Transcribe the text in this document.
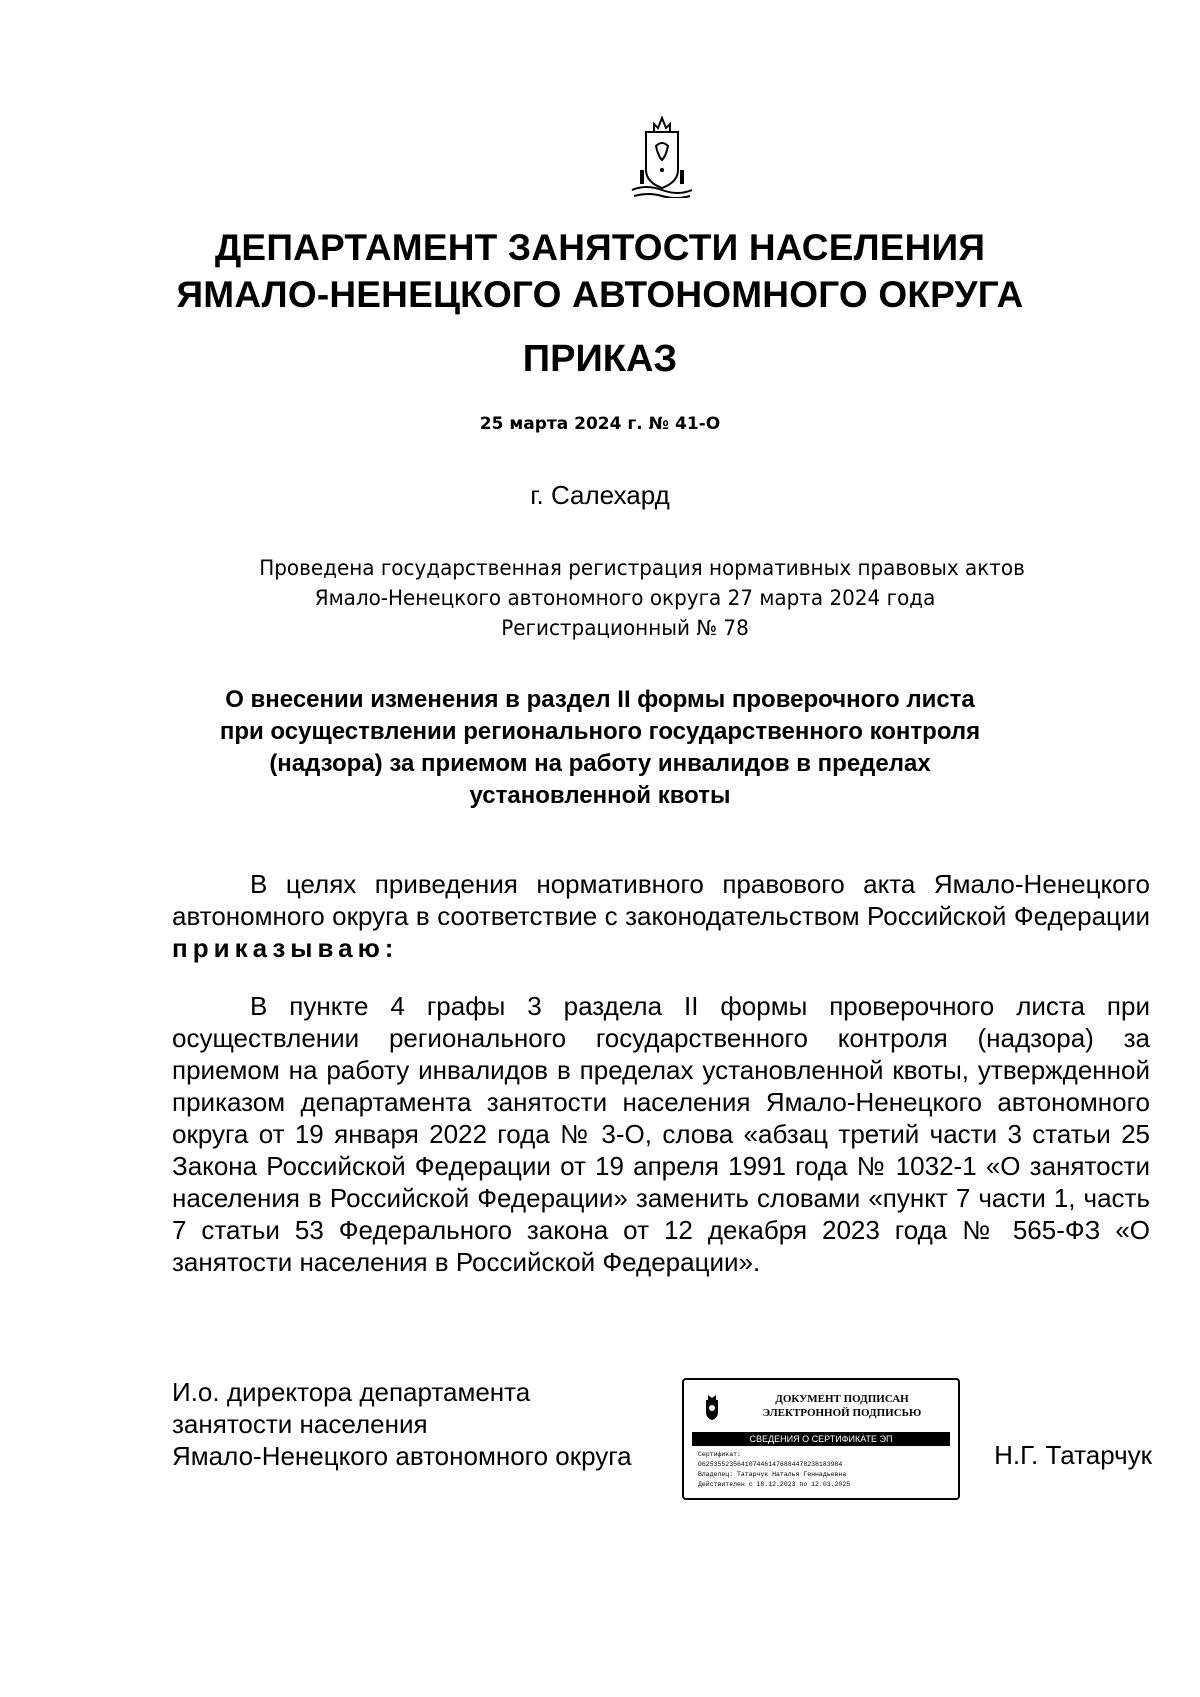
ДЕПАРТАМЕНТ ЗАНЯТОСТИ НАСЕЛЕНИЯ
ЯМАЛО-НЕНЕЦКОГО АВТОНОМНОГО ОКРУГА
ПРИКАЗ
25 марта 2024 г. № 41-О
г. Салехард
Проведена государственная регистрация нормативных правовых актов
Ямало-Ненецкого автономного округа 27 марта 2024 года
Регистрационный № 78
О внесении изменения в раздел II формы проверочного листа
при осуществлении регионального государственного контроля
(надзора) за приемом на работу инвалидов в пределах
установленной квоты

В целях приведения нормативного правового акта Ямало-Ненецкого автономного округа в соответствие с законодательством Российской Федерации приказываю:

В пункте 4 графы 3 раздела II формы проверочного листа при осуществлении регионального государственного контроля (надзора) за приемом на работу инвалидов в пределах установленной квоты, утвержденной приказом департамента занятости населения Ямало-Ненецкого автономного округа от 19 января 2022 года № 3-О, слова «абзац третий части 3 статьи 25 Закона Российской Федерации от 19 апреля 1991 года № 1032-1 «О занятости населения в Российской Федерации» заменить словами «пункт 7 части 1, часть 7 статьи 53 Федерального закона от 12 декабря 2023 года № 565-ФЗ «О занятости населения в Российской Федерации».

И.о. директора департамента
занятости населения
Ямало-Ненецкого автономного округа
ДОКУМЕНТ ПОДПИСАН
ЭЛЕКТРОННОЙ ПОДПИСЬЮ
СВЕДЕНИЯ О СЕРТИФИКАТЕ ЭП
Сертификат:
0625355235641074461476884478238183984
Владелец: Татарчук Наталья Геннадьевна
Действителен с 18.12.2023 по 12.03.2025
Н.Г. Татарчук
